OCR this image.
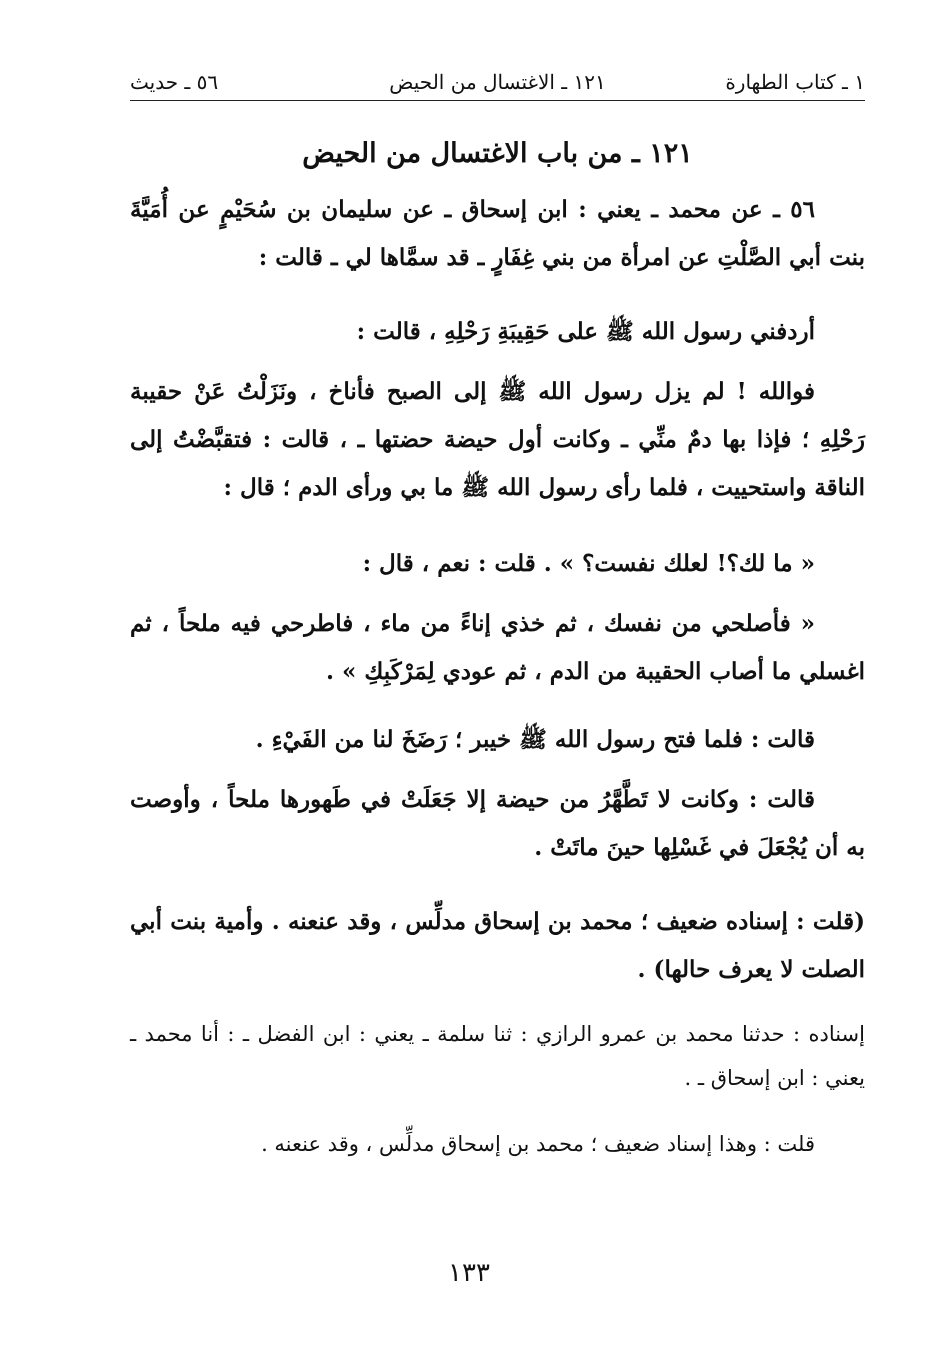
١ ـ كتاب الطهارة
١٢١ ـ الاغتسال من الحيض
٥٦ ـ حديث
١٢١ ـ من باب الاغتسال من الحيض

٥٦ ـ عن محمد ـ يعني : ابن إسحاق ـ عن سليمان بن سُحَيْمٍ عن أُمَيَّةَ بنت أبي الصَّلْتِ عن امرأة من بني غِفَارٍ ـ قد سمَّاها لي ـ قالت :

أردفني رسول الله ﷺ على حَقِيبَةِ رَحْلِهِ ، قالت :

فوالله ! لم يزل رسول الله ﷺ إلى الصبح فأناخ ، ونَزَلْتُ عَنْ حقيبة رَحْلِهِ ؛ فإذا بها دمٌ منِّي ـ وكانت أول حيضة حضتها ـ ، قالت : فتقبَّضْتُ إلى الناقة واستحييت ، فلما رأى رسول الله ﷺ ما بي ورأى الدم ؛ قال :

« ما لك؟! لعلك نفست؟ » . قلت : نعم ، قال :

« فأصلحي من نفسك ، ثم خذي إناءً من ماء ، فاطرحي فيه ملحاً ، ثم اغسلي ما أصاب الحقيبة من الدم ، ثم عودي لِمَرْكَبِكِ » .

قالت : فلما فتح رسول الله ﷺ خيبر ؛ رَضَخَ لنا من الفَيْءِ .

قالت : وكانت لا تَطَّهَّرُ من حيضة إلا جَعَلَتْ في طَهورها ملحاً ، وأوصت به أن يُجْعَلَ في غَسْلِها حينَ ماتَتْ .

(قلت : إسناده ضعيف ؛ محمد بن إسحاق مدلِّس ، وقد عنعنه . وأمية بنت أبي الصلت لا يعرف حالها) .

إسناده : حدثنا محمد بن عمرو الرازي : ثنا سلمة ـ يعني : ابن الفضل ـ : أنا محمد ـ يعني : ابن إسحاق ـ .

قلت : وهذا إسناد ضعيف ؛ محمد بن إسحاق مدلِّس ، وقد عنعنه .

١٣٣
